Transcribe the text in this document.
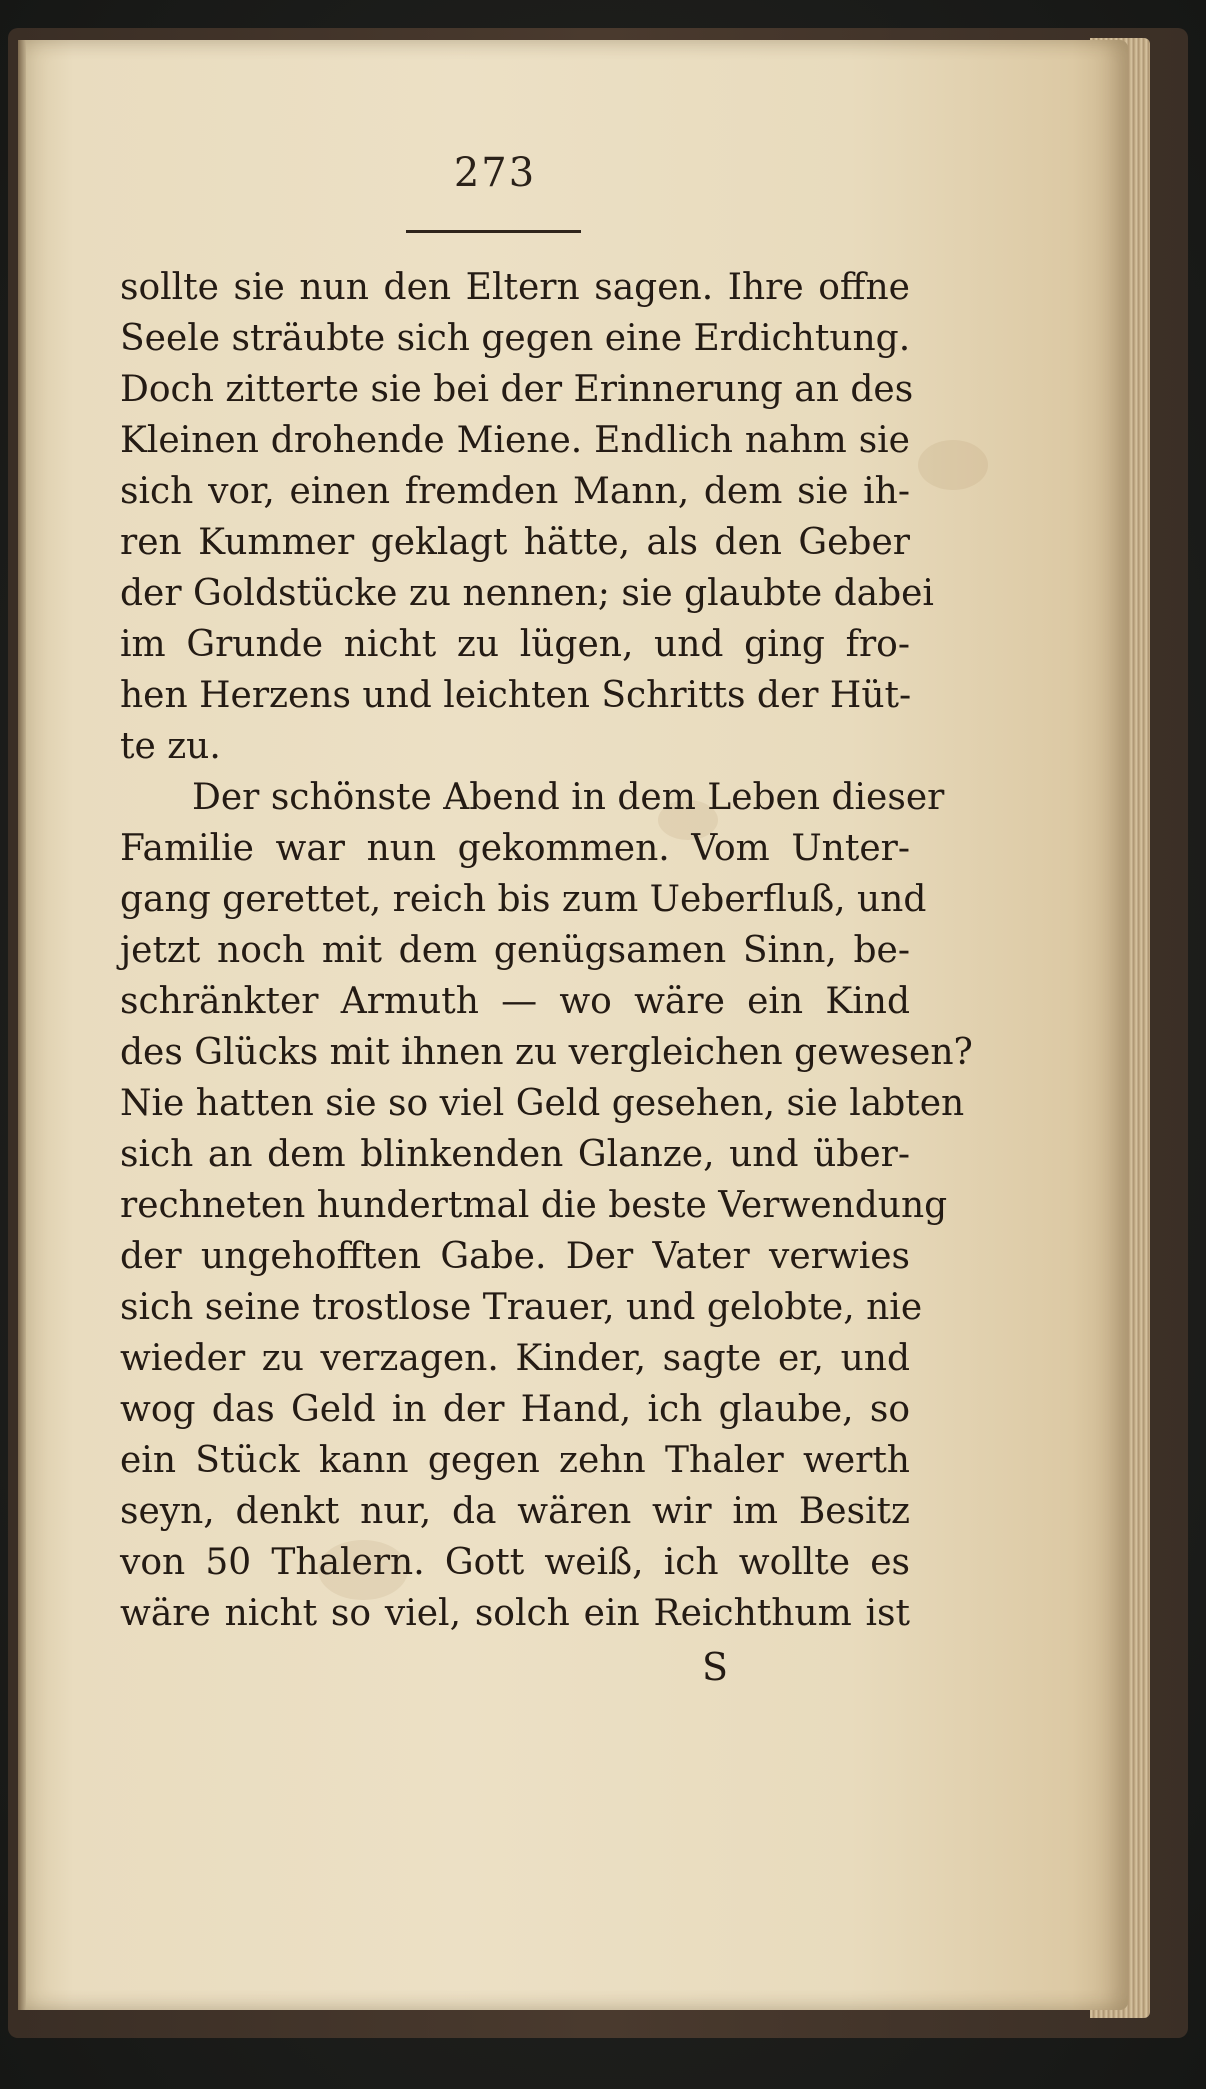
273
sollte sie nun den Eltern sagen. Ihre offne
Seele sträubte sich gegen eine Erdichtung.
Doch zitterte sie bei der Erinnerung an des
Kleinen drohende Miene. Endlich nahm sie
sich vor, einen fremden Mann, dem sie ih-
ren Kummer geklagt hätte, als den Geber
der Goldstücke zu nennen; sie glaubte dabei
im Grunde nicht zu lügen, und ging fro-
hen Herzens und leichten Schritts der Hüt-
te zu.
Der schönste Abend in dem Leben dieser
Familie war nun gekommen. Vom Unter-
gang gerettet, reich bis zum Ueberfluß, und
jetzt noch mit dem genügsamen Sinn, be-
schränkter Armuth — wo wäre ein Kind
des Glücks mit ihnen zu vergleichen gewesen?
Nie hatten sie so viel Geld gesehen, sie labten
sich an dem blinkenden Glanze, und über-
rechneten hundertmal die beste Verwendung
der ungehofften Gabe. Der Vater verwies
sich seine trostlose Trauer, und gelobte, nie
wieder zu verzagen. Kinder, sagte er, und
wog das Geld in der Hand, ich glaube, so
ein Stück kann gegen zehn Thaler werth
seyn, denkt nur, da wären wir im Besitz
von 50 Thalern. Gott weiß, ich wollte es
wäre nicht so viel, solch ein Reichthum ist
S
